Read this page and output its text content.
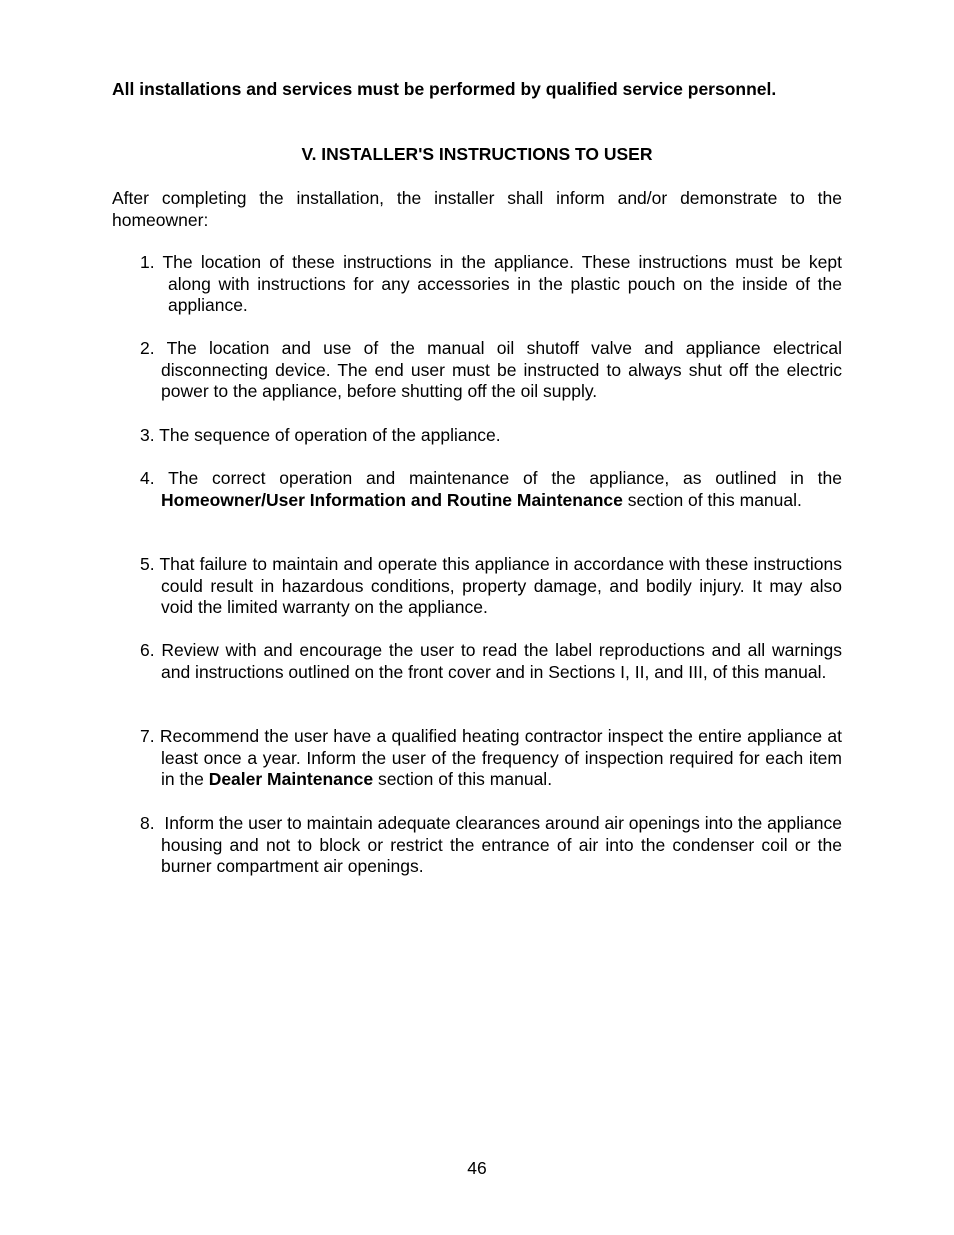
All installations and services must be performed by qualified service personnel.
V. INSTALLER'S INSTRUCTIONS TO USER

After completing the installation, the installer shall inform and/or demonstrate to the homeowner:

1. The location of these instructions in the appliance. These instructions must be kept along with instructions for any accessories in the plastic pouch on the inside of the appliance.

2. The location and use of the manual oil shutoff valve and appliance electrical disconnecting device. The end user must be instructed to always shut off the electric power to the appliance, before shutting off the oil supply.

3. The sequence of operation of the appliance.

4. The correct operation and maintenance of the appliance, as outlined in the Homeowner/User Information and Routine Maintenance section of this manual.

5. That failure to maintain and operate this appliance in accordance with these instructions could result in hazardous conditions, property damage, and bodily injury. It may also void the limited warranty on the appliance.

6. Review with and encourage the user to read the label reproductions and all warnings and instructions outlined on the front cover and in Sections I, II, and III, of this manual.

7. Recommend the user have a qualified heating contractor inspect the entire appliance at least once a year. Inform the user of the frequency of inspection required for each item in the Dealer Maintenance section of this manual.

8. Inform the user to maintain adequate clearances around air openings into the appliance housing and not to block or restrict the entrance of air into the condenser coil or the burner compartment air openings.

46
